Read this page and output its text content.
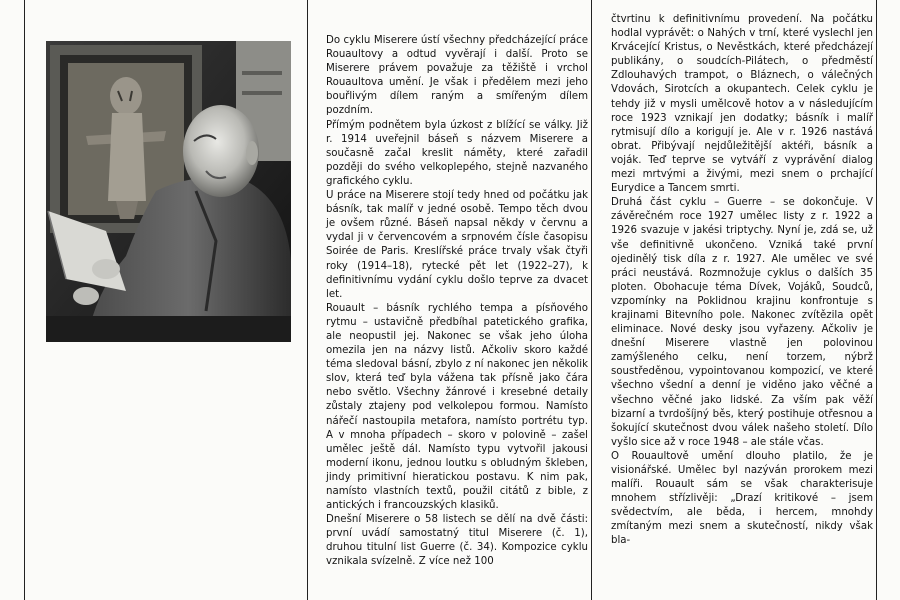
Do cyklu Miserere ústí všechny předcházející práce Rouaultovy a odtud vyvěrají i další. Proto se Miserere právem považuje za těžiště i vrchol Rouaultova umění. Je však i předělem mezi jeho bouřlivým dílem raným a smířeným dílem pozdním.

Přímým podnětem byla úzkost z blížící se války. Již r. 1914 uveřejnil báseň s názvem Miserere a současně začal kreslit náměty, které zařadil později do svého velkoplepého, stejně nazvaného grafického cyklu.

U práce na Miserere stojí tedy hned od počátku jak básník, tak malíř v jedné osobě. Tempo těch dvou je ovšem různé. Báseň napsal někdy v červnu a vydal ji v červencovém a srpnovém čísle časopisu Soirée de Paris. Kreslířské práce trvaly však čtyři roky (1914–18), rytecké pět let (1922–27), k definitivnímu vydání cyklu došlo teprve za dvacet let.

Rouault – básník rychlého tempa a písňového rytmu – ustavičně předbíhal patetického grafika, ale neopustil jej. Nakonec se však jeho úloha omezila jen na názvy listů. Ačkoliv skoro každé téma sledoval básní, zbylo z ní nakonec jen několik slov, která teď byla vážena tak přísně jako čára nebo světlo. Všechny žánrové i kresebné detaily zůstaly ztajeny pod velkolepou formou. Namísto nářečí nastoupila metafora, namísto portrétu typ. A v mnoha případech – skoro v polovině – zašel umělec ještě dál. Namísto typu vytvořil jakousi moderní ikonu, jednou loutku s obludným škleben, jindy primitivní hieratickou postavu. K nim pak, namísto vlastních textů, použil citátů z bible, z antických i francouzských klasiků.

Dnešní Miserere o 58 listech se dělí na dvě části: první uvádí samostatný titul Miserere (č. 1), druhou titulní list Guerre (č. 34). Kompozice cyklu vznikala svízelně. Z více než 100

čtvrtinu k definitivnímu provedení. Na počátku hodlal vyprávět: o Nahých v trní, které vyslechl jen Krvácející Kristus, o Nevěstkách, které předcházejí publikány, o soudcích-Pilátech, o předměstí Zdlouhavých trampot, o Bláznech, o válečných Vdovách, Sirotcích a okupantech. Celek cyklu je tehdy již v mysli umělcově hotov a v následujícím roce 1923 vznikají jen dodatky; básník i malíř rytmisují dílo a korigují je. Ale v r. 1926 nastává obrat. Přibývají nejdůležitější aktéři, básník a voják. Teď teprve se vytváří z vyprávění dialog mezi mrtvými a živými, mezi snem o prchající Eurydice a Tancem smrti.

Druhá část cyklu – Guerre – se dokončuje. V závěrečném roce 1927 umělec listy z r. 1922 a 1926 svazuje v jakési triptychy. Nyní je, zdá se, už vše definitivně ukončeno. Vzniká také první ojedinělý tisk díla z r. 1927. Ale umělec ve své práci neustává. Rozmnožuje cyklus o dalších 35 ploten. Obohacuje téma Dívek, Vojáků, Soudců, vzpomínky na Poklidnou krajinu konfrontuje s krajinami Bitevního pole. Nakonec zvítězila opět eliminace. Nové desky jsou vyřazeny. Ačkoliv je dnešní Miserere vlastně jen polovinou zamýšleného celku, není torzem, nýbrž soustředěnou, vypointovanou kompozicí, ve které všechno všední a denní je viděno jako věčné a všechno věčné jako lidské. Za vším pak věží bizarní a tvrdošíjný běs, který postihuje otřesnou a šokující skutečnost dvou válek našeho století. Dílo vyšlo sice až v roce 1948 – ale stále včas.

O Rouaultově umění dlouho platilo, že je visionářské. Umělec byl nazýván prorokem mezi malíři. Rouault sám se však charakterisuje mnohem střízlivěji: „Drazí kritikové – jsem svědectvím, ale běda, i hercem, mnohdy zmítaným mezi snem a skutečností, nikdy však bla-
